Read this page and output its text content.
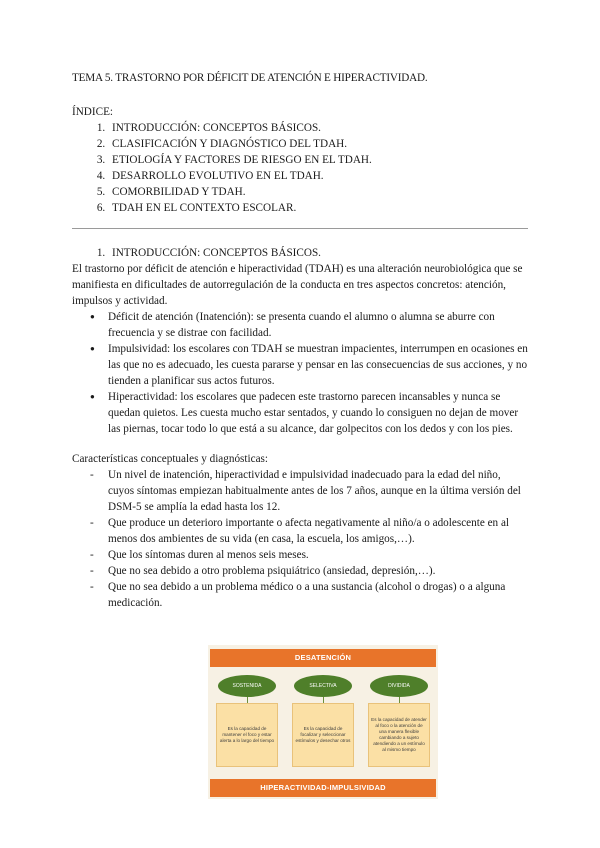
TEMA 5. TRASTORNO POR DÉFICIT DE ATENCIÓN E HIPERACTIVIDAD.

ÍNDICE:

1. INTRODUCCIÓN: CONCEPTOS BÁSICOS.
2. CLASIFICACIÓN Y DIAGNÓSTICO DEL TDAH.
3. ETIOLOGÍA Y FACTORES DE RIESGO EN EL TDAH.
4. DESARROLLO EVOLUTIVO EN EL TDAH.
5. COMORBILIDAD Y TDAH.
6. TDAH EN EL CONTEXTO ESCOLAR.
1. INTRODUCCIÓN: CONCEPTOS BÁSICOS.

El trastorno por déficit de atención e hiperactividad (TDAH) es una alteración neurobiológica que se manifiesta en dificultades de autorregulación de la conducta en tres aspectos concretos: atención, impulsos y actividad.

● Déficit de atención (Inatención): se presenta cuando el alumno o alumna se aburre con frecuencia y se distrae con facilidad.
● Impulsividad: los escolares con TDAH se muestran impacientes, interrumpen en ocasiones en las que no es adecuado, les cuesta pararse y pensar en las consecuencias de sus acciones, y no tienden a planificar sus actos futuros.
● Hiperactividad: los escolares que padecen este trastorno parecen incansables y nunca se quedan quietos. Les cuesta mucho estar sentados, y cuando lo consiguen no dejan de mover las piernas, tocar todo lo que está a su alcance, dar golpecitos con los dedos y con los pies.

Características conceptuales y diagnósticas:

- Un nivel de inatención, hiperactividad e impulsividad inadecuado para la edad del niño, cuyos síntomas empiezan habitualmente antes de los 7 años, aunque en la última versión del DSM-5 se amplía la edad hasta los 12.
- Que produce un deterioro importante o afecta negativamente al niño/a o adolescente en al menos dos ambientes de su vida (en casa, la escuela, los amigos,…).
- Que los síntomas duren al menos seis meses.
- Que no sea debido a otro problema psiquiátrico (ansiedad, depresión,…).
- Que no sea debido a un problema médico o a una sustancia (alcohol o drogas) o a alguna medicación.
DESATENCIÓN
SOSTENIDA	SELECTIVA	DIVIDIDA
Es la capacidad de mantener el foco y estar alerta a lo largo del tiempo
Es la capacidad de focalizar y seleccionar estímulos y desechar otros
Es la capacidad de atender al foco o la atención de una manera flexible cambiando a sujeto atendiendo a un estímulo al mismo tiempo
HIPERACTIVIDAD-IMPULSIVIDAD
